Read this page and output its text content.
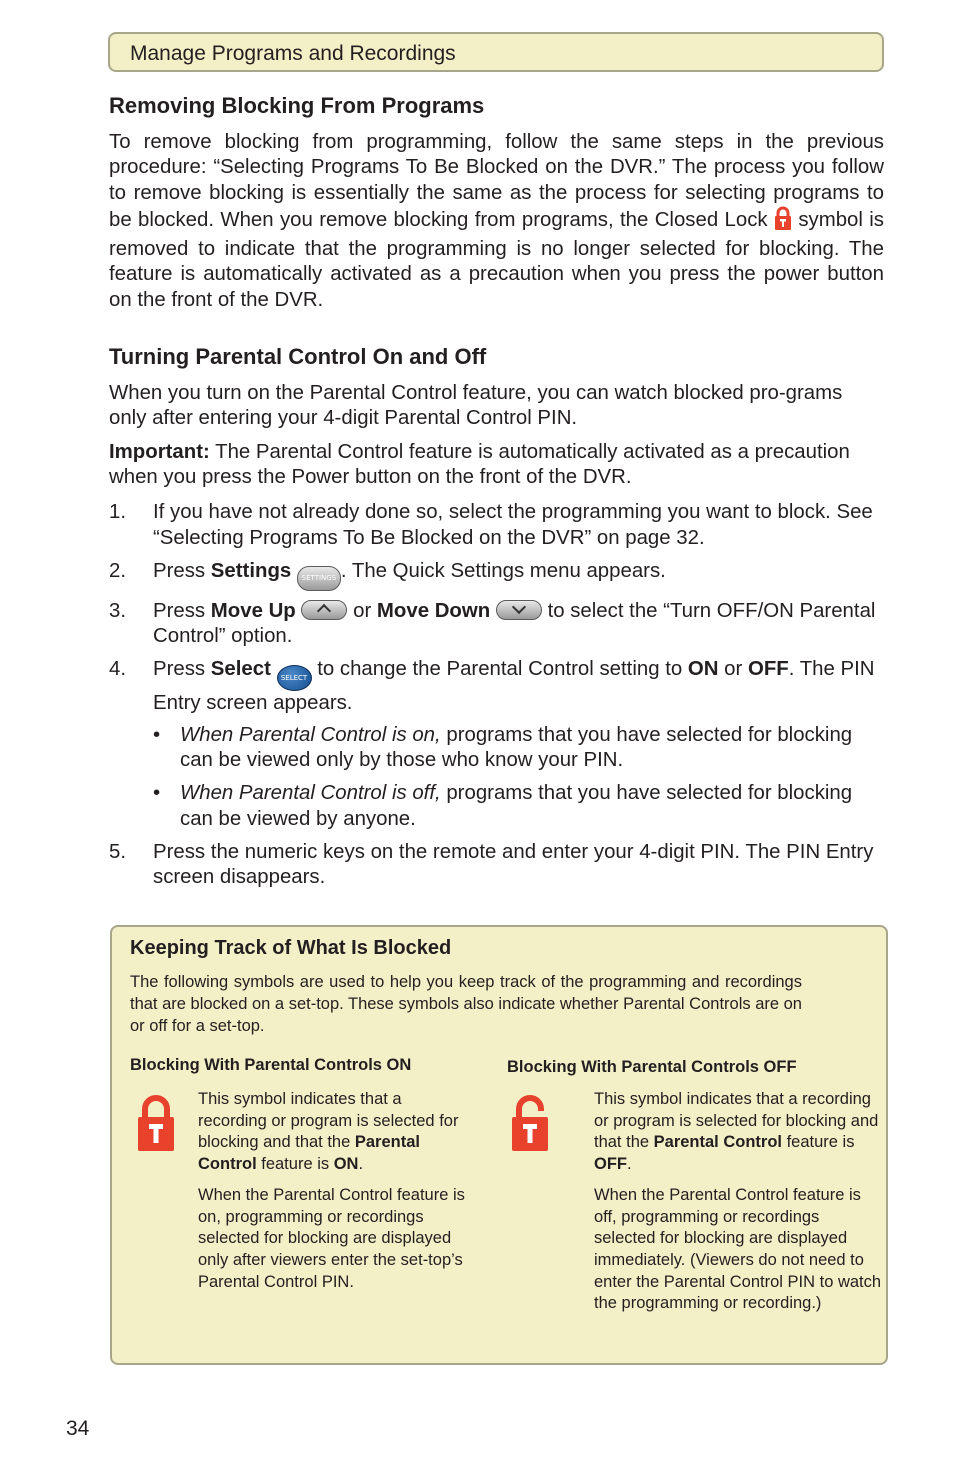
Manage Programs and Recordings
Removing Blocking From Programs

To remove blocking from programming, follow the same steps in the previous procedure: “Selecting Programs To Be Blocked on the DVR.” The process you follow to remove blocking is essentially the same as the process for selecting programs to be blocked. When you remove blocking from programs, the Closed Lock symbol is removed to indicate that the programming is no longer selected for blocking. The feature is automatically activated as a precaution when you press the power button on the front of the DVR.

Turning Parental Control On and Off

When you turn on the Parental Control feature, you can watch blocked pro-grams only after entering your 4-digit Parental Control PIN.

Important: The Parental Control feature is automatically activated as a precaution when you press the Power button on the front of the DVR.

1. If you have not already done so, select the programming you want to block. See “Selecting Programs To Be Blocked on the DVR” on page 32.
2. Press Settings SETTINGS . The Quick Settings menu appears.
3. Press Move Up	or Move Down	to select the “Turn OFF/ON Parental Control” option.
4. Press Select SELECT to change the Parental Control setting to ON or OFF. The PIN Entry screen appears.
• When Parental Control is on, programs that you have selected for blocking can be viewed only by those who know your PIN.
• When Parental Control is off, programs that you have selected for blocking can be viewed by anyone.
5. Press the numeric keys on the remote and enter your 4-digit PIN. The PIN Entry screen disappears.
Keeping Track of What Is Blocked

The following symbols are used to help you keep track of the programming and recordings that are blocked on a set-top. These symbols also indicate whether Parental Controls are on or off for a set-top.

Blocking With Parental Controls ON

This symbol indicates that a recording or program is selected for blocking and that the Parental Control feature is ON.

When the Parental Control feature is on, programming or recordings selected for blocking are displayed only after viewers enter the set-top’s Parental Control PIN.

Blocking With Parental Controls OFF

This symbol indicates that a recording or program is selected for blocking and that the Parental Control feature is OFF.

When the Parental Control feature is off, programming or recordings selected for blocking are displayed immediately. (Viewers do not need to enter the Parental Control PIN to watch the programming or recording.)

34
